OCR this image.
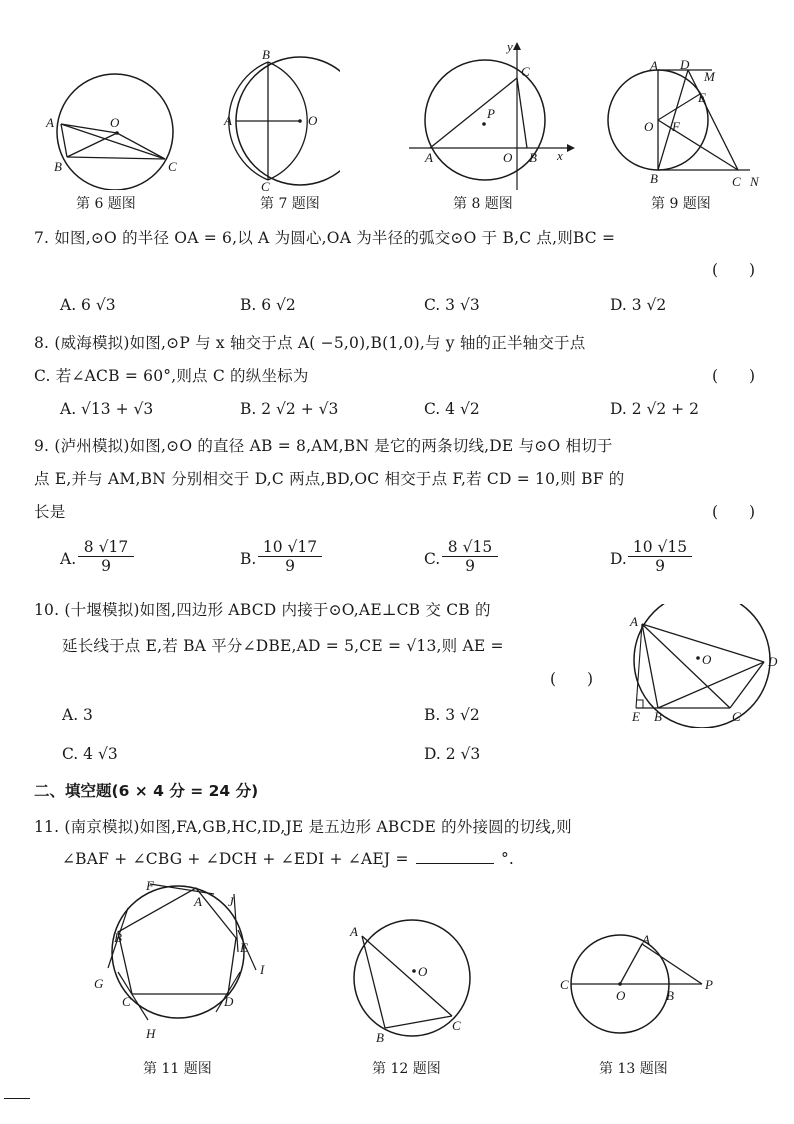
A
B	C
O
第 6 题图
B
A	O
C
第 7 题图
y
C
P
A	O B x
第 8 题图
A D
M
E
O F
B	C N
第 9 题图
7. 如图,⊙O 的半径 OA = 6,以 A 为圆心,OA 为半径的弧交⊙O 于 B,C 点,则BC =
(　　)
A. 6 √3	B. 6 √2	C. 3 √3	D. 3 √2
8. (威海模拟)如图,⊙P 与 x 轴交于点 A( −5,0),B(1,0),与 y 轴的正半轴交于点
C. 若∠ACB = 60°,则点 C 的纵坐标为	(　　)
A. √13 + √3	B. 2 √2 + √3	C. 4 √2	D. 2 √2 + 2
9. (泸州模拟)如图,⊙O 的直径 AB = 8,AM,BN 是它的两条切线,DE 与⊙O 相切于
点 E,并与 AM,BN 分别相交于 D,C 两点,BD,OC 相交于点 F,若 CD = 10,则 BF 的
长是	(　　)
A. $\frac{8 √17}{9}$	B. $\frac{10 √17}{9}$	C. $\frac{8 √15}{9}$	D. $\frac{10 √15}{9}$
10. (十堰模拟)如图,四边形 ABCD 内接于⊙O,AE⊥CB 交 CB 的
延长线于点 E,若 BA 平分∠DBE,AD = 5,CE = √13,则 AE =
(　　)
A. 3	B. 3 √2
C. 4 √3	D. 2 √3
A
O	D
E B	C
二、填空题(6 × 4 分 = 24 分)
11. (南京模拟)如图,FA,GB,HC,ID,JE 是五边形 ABCDE 的外接圆的切线,则
∠BAF + ∠CBG + ∠DCH + ∠EDI + ∠AEJ =	°.
F
A J
B
E
I
G
C	D
H
第 11 题图
A
O
B
C
第 12 题图
C
A
O	B
P
第 13 题图
